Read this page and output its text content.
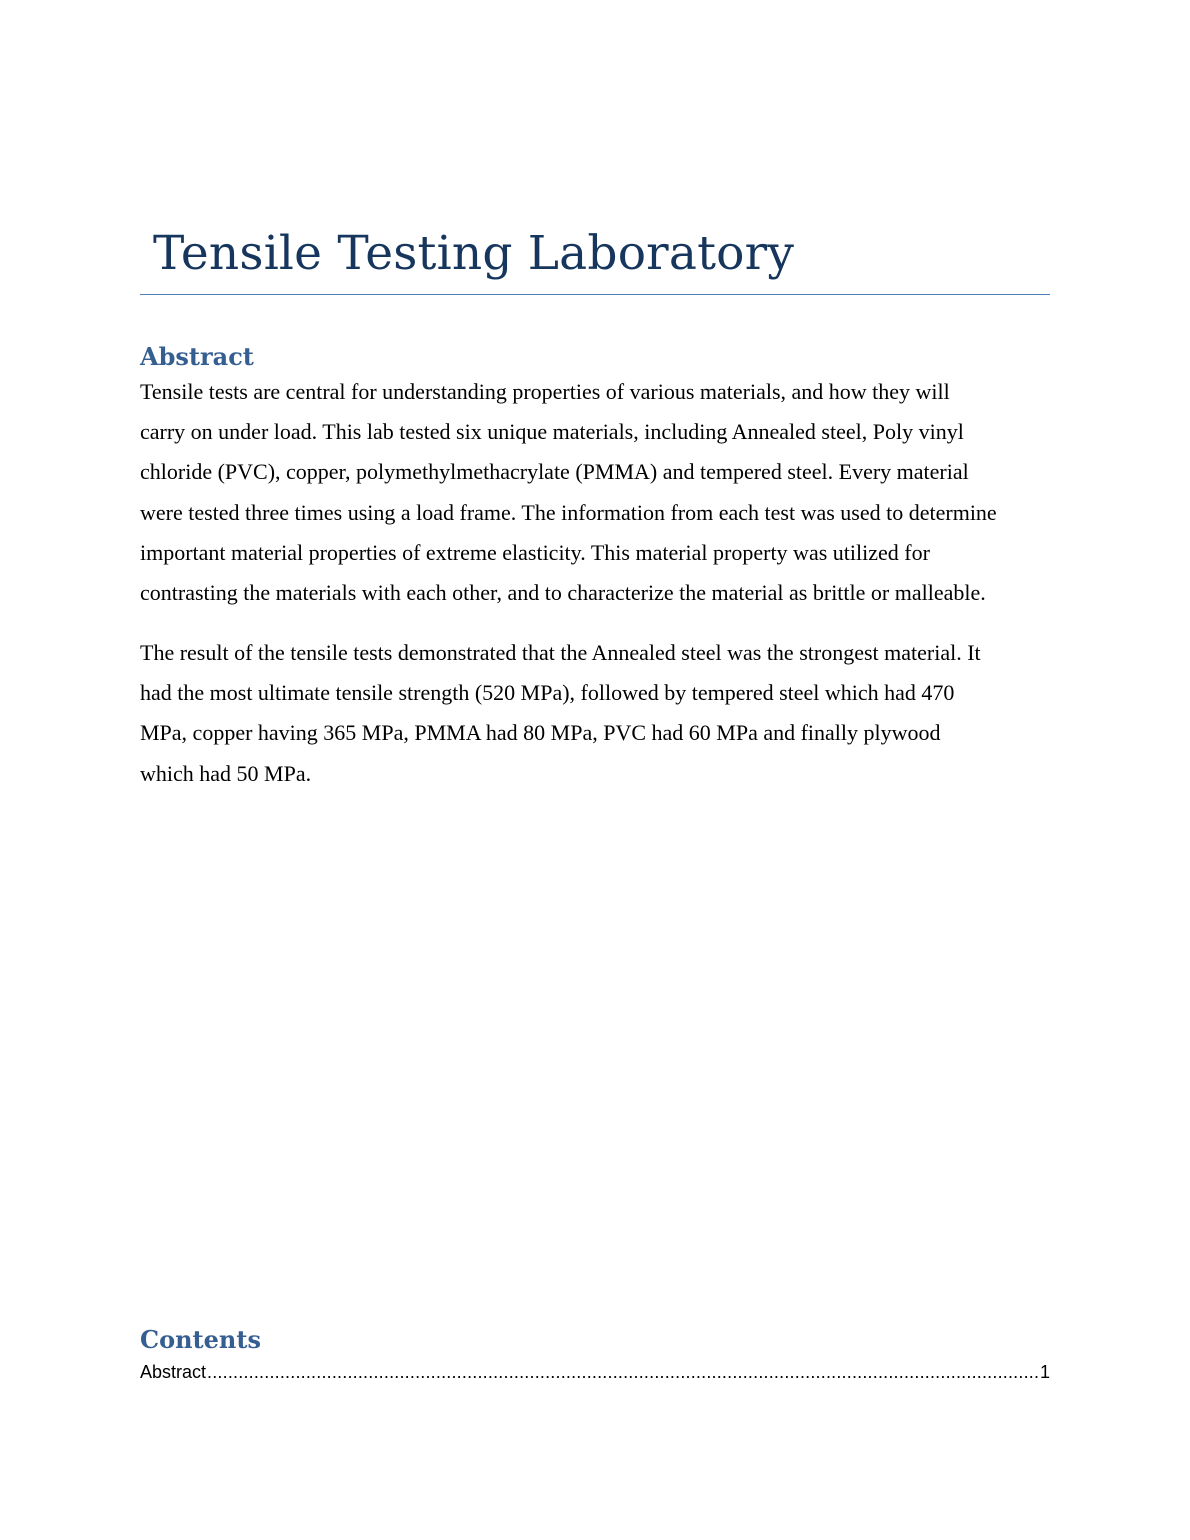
Tensile Testing Laboratory
Abstract

Tensile tests are central for understanding properties of various materials, and how they will
carry on under load. This lab tested six unique materials, including Annealed steel, Poly vinyl
chloride (PVC), copper, polymethylmethacrylate (PMMA) and tempered steel. Every material
were tested three times using a load frame. The information from each test was used to determine
important material properties of extreme elasticity. This material property was utilized for
contrasting the materials with each other, and to characterize the material as brittle or malleable.

The result of the tensile tests demonstrated that the Annealed steel was the strongest material. It
had the most ultimate tensile strength (520 MPa), followed by tempered steel which had 470
MPa, copper having 365 MPa, PMMA had 80 MPa, PVC had 60 MPa and finally plywood
which had 50 MPa.

Contents
Abstract .....	1
